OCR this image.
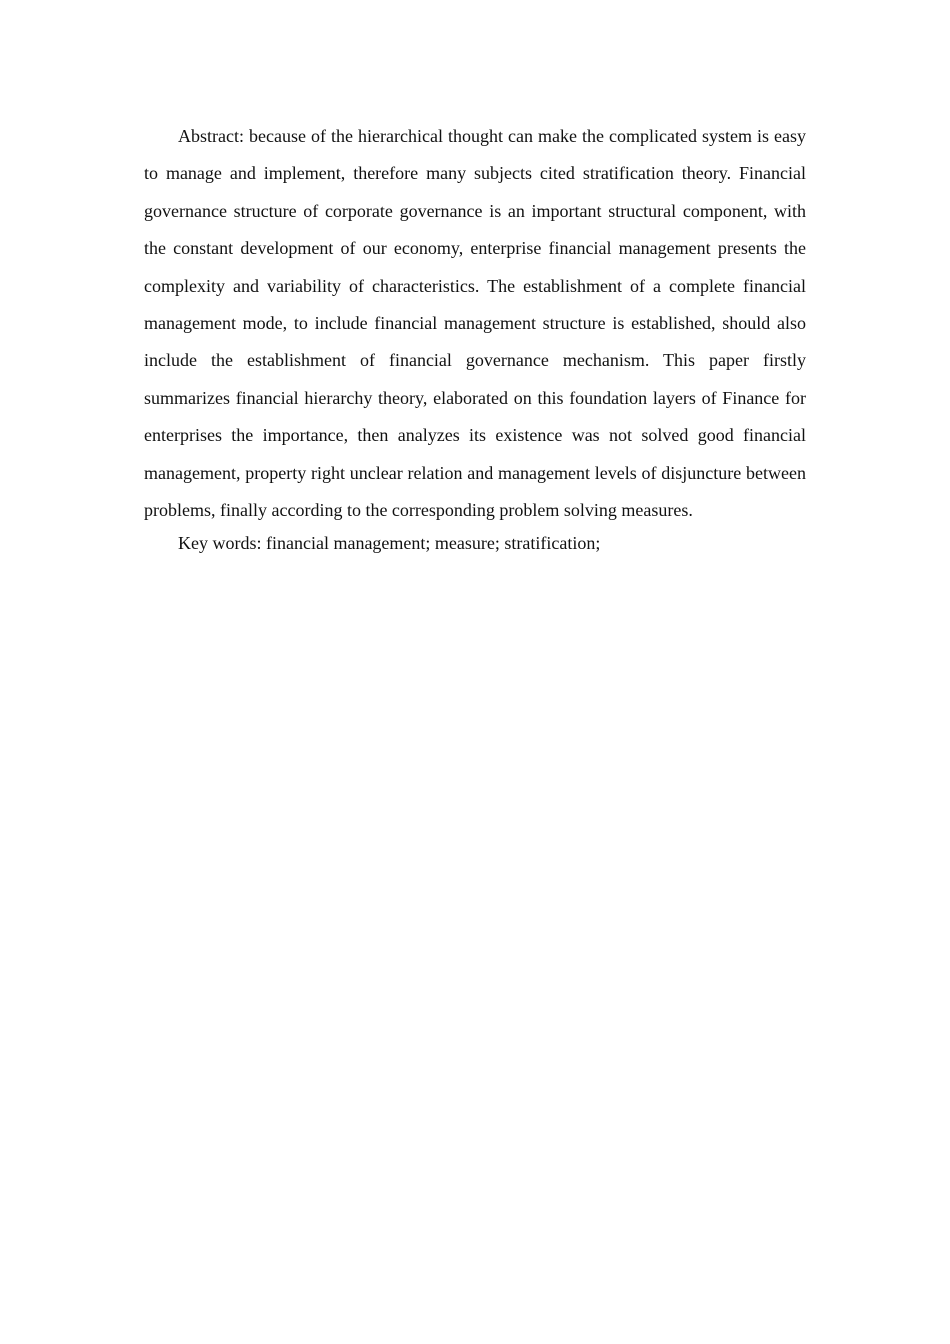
Abstract: because of the hierarchical thought can make the complicated system is easy to manage and implement, therefore many subjects cited stratification theory. Financial governance structure of corporate governance is an important structural component, with the constant development of our economy, enterprise financial management presents the complexity and variability of characteristics. The establishment of a complete financial management mode, to include financial management structure is established, should also include the establishment of financial governance mechanism. This paper firstly summarizes financial hierarchy theory, elaborated on this foundation layers of Finance for enterprises the importance, then analyzes its existence was not solved good financial management, property right unclear relation and management levels of disjuncture between problems, finally according to the corresponding problem solving measures.

Key words: financial management; measure; stratification;
